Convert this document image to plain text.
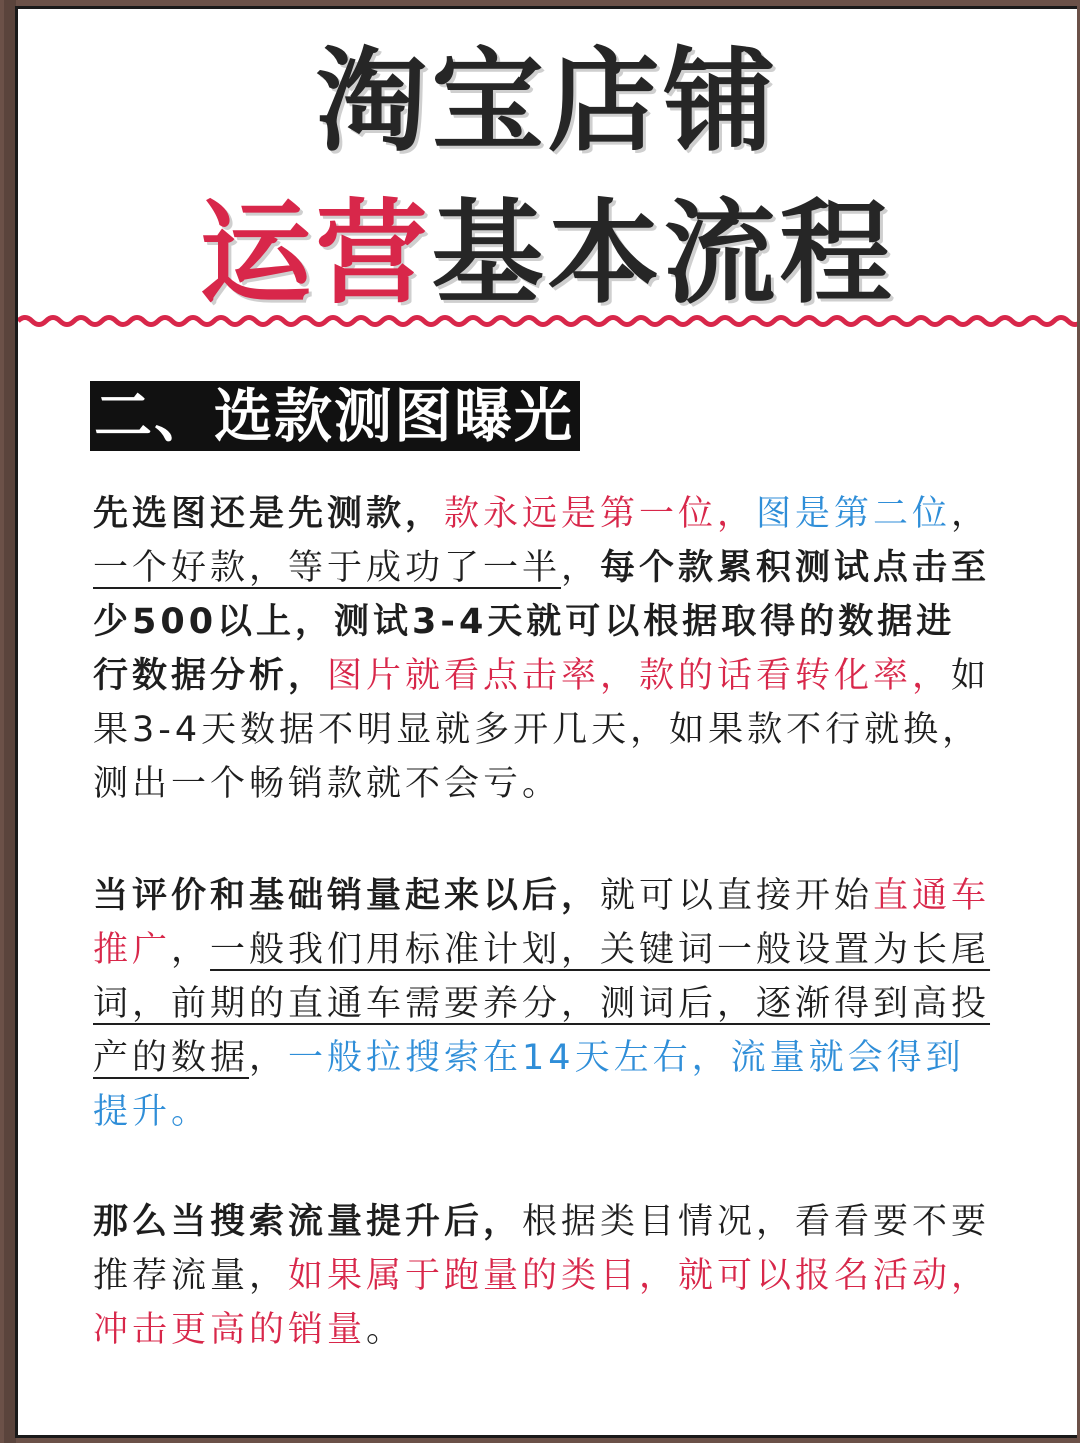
淘宝店铺
运营基本流程
二、选款测图曝光
先选图还是先测款，款永远是第一位，图是第二位，一个好款，等于成功了一半，每个款累积测试点击至少500以上，测试3-4天就可以根据取得的数据进行数据分析，图片就看点击率，款的话看转化率，如果3-4天数据不明显就多开几天，如果款不行就换，测出一个畅销款就不会亏。
当评价和基础销量起来以后，就可以直接开始直通车推广，一般我们用标准计划，关键词一般设置为长尾词，前期的直通车需要养分，测词后，逐渐得到高投产的数据，一般拉搜索在14天左右，流量就会得到提升。
那么当搜索流量提升后，根据类目情况，看看要不要推荐流量，如果属于跑量的类目，就可以报名活动，冲击更高的销量。
